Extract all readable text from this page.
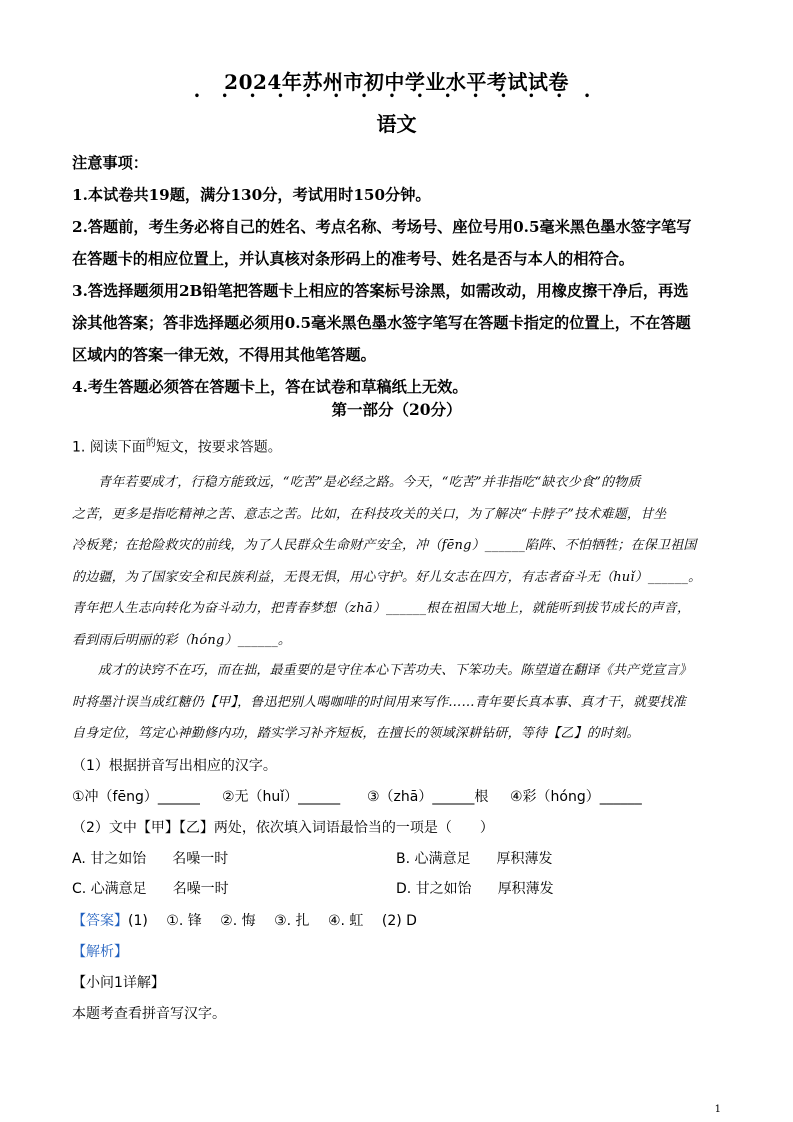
2024年苏州市初中学业水平考试试卷
• • • • • • • • • • • • • • •
语文
注意事项：
1.本试卷共19题，满分130分，考试用时150分钟。
2.答题前，考生务必将自己的姓名、考点名称、考场号、座位号用0.5毫米黑色墨水签字笔写
在答题卡的相应位置上，并认真核对条形码上的准考号、姓名是否与本人的相符合。
3.答选择题须用2B铅笔把答题卡上相应的答案标号涂黑，如需改动，用橡皮擦干净后，再选
涂其他答案；答非选择题必须用0.5毫米黑色墨水签字笔写在答题卡指定的位置上，不在答题
区域内的答案一律无效，不得用其他笔答题。
4.考生答题必须答在答题卡上，答在试卷和草稿纸上无效。
第一部分（20分）
1. 阅读下面$^的$短文，按要求答题。
青年若要成才，行稳方能致远，“吃苦”是必经之路。今天，“吃苦”并非指吃“缺衣少食”的物质
之苦，更多是指吃精神之苦、意志之苦。比如，在科技攻关的关口，为了解决“卡脖子”技术难题，甘坐
冷板凳；在抢险救灾的前线，为了人民群众生命财产安全，冲（fēng）______陷阵、不怕牺牲；在保卫祖国
的边疆，为了国家安全和民族利益，无畏无惧，用心守护。好儿女志在四方，有志者奋斗无（huǐ）______。
青年把人生志向转化为奋斗动力，把青春梦想（zhā）______根在祖国大地上，就能听到拔节成长的声音，
看到雨后明丽的彩（hóng）______。
成才的诀窍不在巧，而在拙，最重要的是守住本心下苦功夫、下笨功夫。陈望道在翻译《共产党宣言》
时将墨汁误当成红糖仍【甲】，鲁迅把别人喝咖啡的时间用来写作……青年要长真本事、真才干，就要找准
自身定位，笃定心神勤修内功，踏实学习补齐短板，在擅长的领域深耕钻研，等待【乙】的时刻。
（1）根据拼音写出相应的汉字。
①冲（fēng）______ ②无（huǐ）______ ③（zhā）______根 ④彩（hóng）______
（2）文中【甲】【乙】两处，依次填入词语最恰当的一项是（　　）
A. 甘之如饴 名噪一时	B. 心满意足 厚积薄发
C. 心满意足 名噪一时	D. 甘之如饴 厚积薄发
【答案】(1)　 ①. 锋　 ②. 悔　 ③. 扎　 ④. 虹　 (2) D
【解析】
【小问1详解】
本题考查看拼音写汉字。
1
